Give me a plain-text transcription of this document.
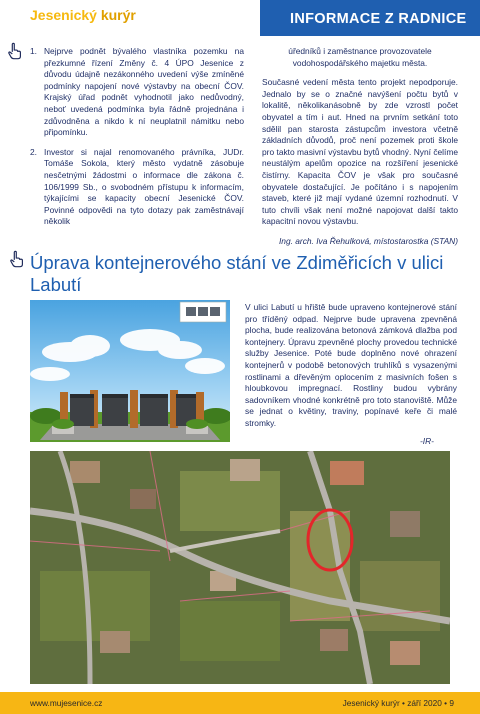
Jesenický kurýr	INFORMACE Z RADNICE
1. Nejprve podnět bývalého vlastníka pozemku na přezkumné řízení Změny č. 4 ÚPO Jesenice z důvodu údajně nezákonného uvedení výše zmíněné podmínky napojení nové výstavby na obecní ČOV. Krajský úřad podnět vyhodnotil jako nedůvodný, neboť uvedená podmínka byla řádně projednána i zdůvodněna a nikdo k ní neuplatnil námitku nebo připomínku.
2. Investor si najal renomovaného právníka, JUDr. Tomáše Sokola, který město vydatně zásobuje nesčetnými žádostmi o informace dle zákona č. 106/1999 Sb., o svobodném přístupu k informacím, týkajícími se kapacity obecní Jesenické ČOV. Povinné odpovědi na tyto dotazy pak zaměstnávají několik

úředníků i zaměstnance provozovatele vodohospodářského majetku města.

Současné vedení města tento projekt nepodporuje. Jednalo by se o značné navýšení počtu bytů v lokalitě, několikanásobně by zde vzrostl počet obyvatel a tím i aut. Hned na prvním setkání toto sdělil pan starosta zástupcům investora včetně základních důvodů, proč není pozemek proti škole pro takto masivní výstavbu bytů vhodný. Nyní čelíme neustálým apelům opozice na rozšíření jesenické čistírny. Kapacita ČOV je však pro současné obyvatele dostačující. Je počítáno i s napojením staveb, které již mají vydané územní rozhodnutí. V tuto chvíli však není možné napojovat další takto kapacitní novou výstavbu.

Ing. arch. Iva Řehulková, místostarostka (STAN)

Úprava kontejnerového stání ve Zdiměřicích v ulici Labutí

V ulici Labutí u hřiště bude upraveno kontejnerové stání pro tříděný odpad. Nejprve bude upravena zpevněná plocha, bude realizována betonová zámková dlažba pod kontejnery. Úpravu zpevněné plochy provedou technické služby Jesenice. Poté bude doplněno nové ohrazení kontejnerů v podobě betonových truhlíků s vysazenými rostlinami a dřevěným oplocením z masivních fošen s hloubkovou impregnací. Rostliny budou vybrány sadovníkem vhodné konkrétně pro toto stanoviště. Může se jednat o květiny, traviny, popínavé keře či malé stromky.

-IR-

www.mujesenice.cz	Jesenický kurýr • září 2020 • 9
